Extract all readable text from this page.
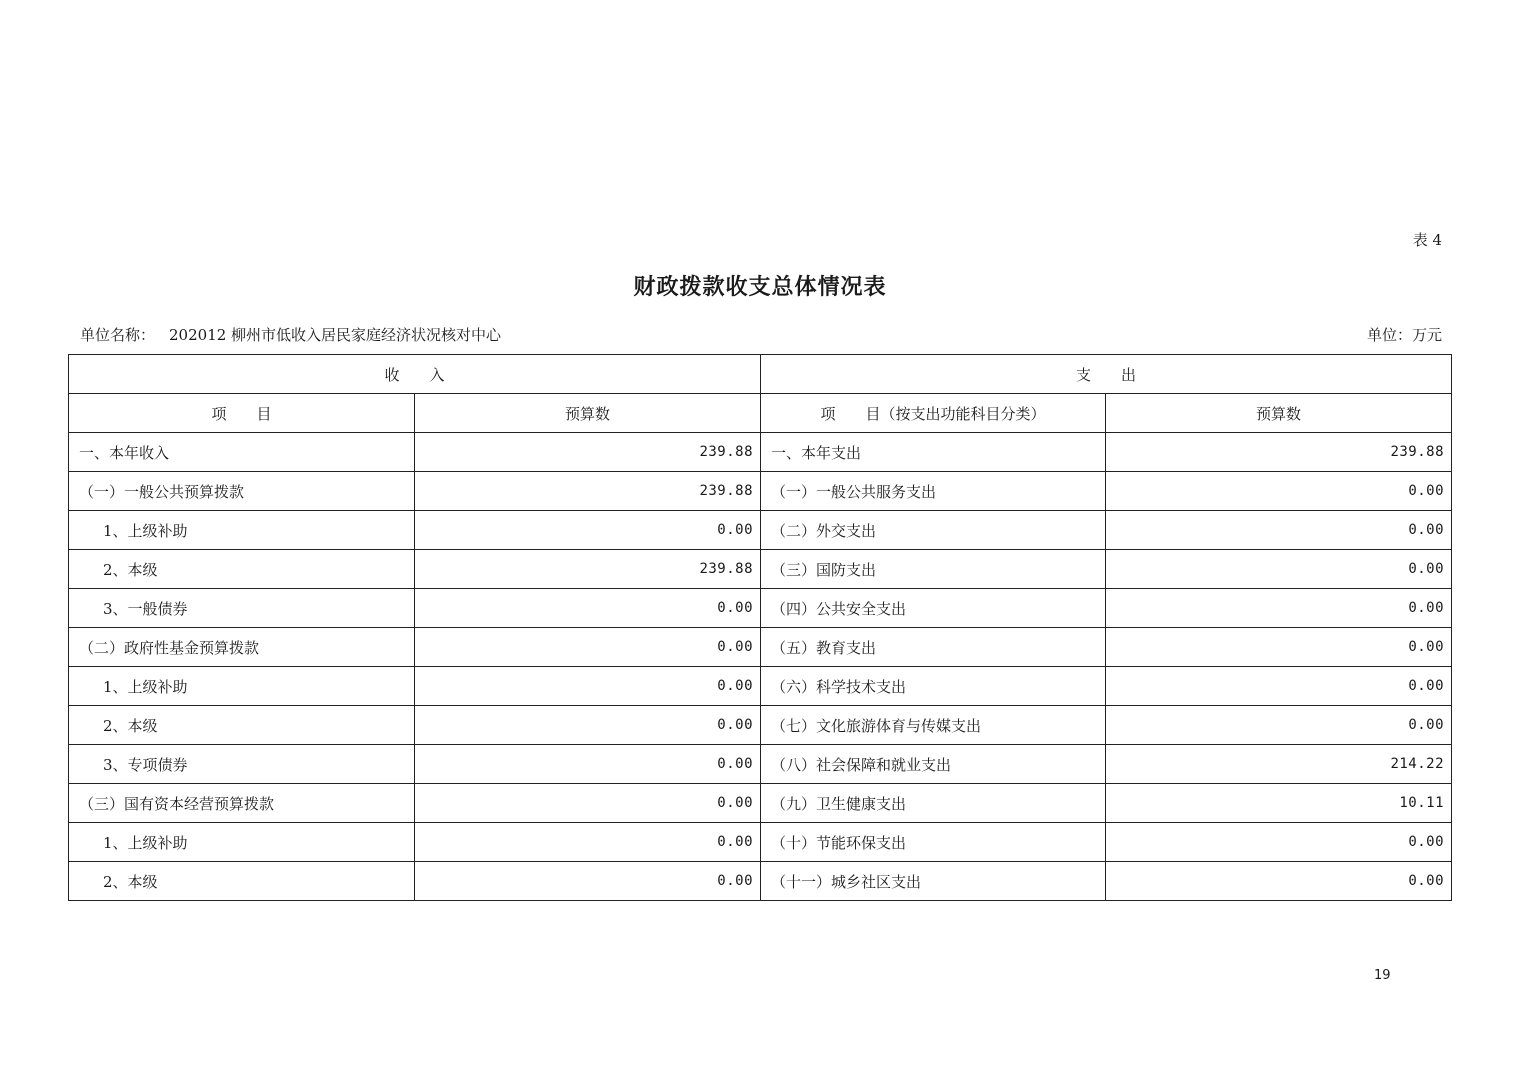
表 4
财政拨款收支总体情况表
单位名称： 202012 柳州市低收入居民家庭经济状况核对中心	单位：万元
收　　入		支　　出	
项　　目	预算数	项　　目（按支出功能科目分类）	预算数
一、本年收入	239.88	一、本年支出	239.88
（一）一般公共预算拨款	239.88	（一）一般公共服务支出	0.00
1、上级补助	0.00	（二）外交支出	0.00
2、本级	239.88	（三）国防支出	0.00
3、一般债券	0.00	（四）公共安全支出	0.00
（二）政府性基金预算拨款	0.00	（五）教育支出	0.00
1、上级补助	0.00	（六）科学技术支出	0.00
2、本级	0.00	（七）文化旅游体育与传媒支出	0.00
3、专项债券	0.00	（八）社会保障和就业支出	214.22
（三）国有资本经营预算拨款	0.00	（九）卫生健康支出	10.11
1、上级补助	0.00	（十）节能环保支出	0.00
2、本级	0.00	（十一）城乡社区支出	0.00
19
